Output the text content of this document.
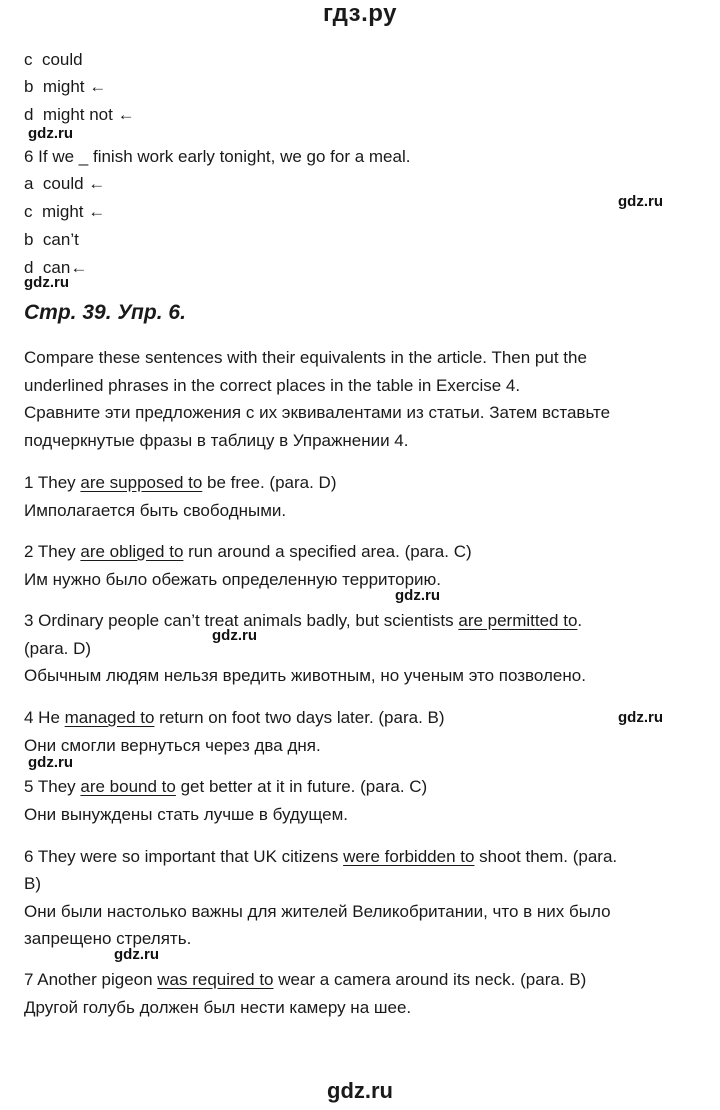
гдз.ру
c could
b might ←
d might not ←
gdz.ru
6 If we _ finish work early tonight, we go for a meal.
a could ←
gdz.ru
c might ←
b can’t
d can←
gdz.ru
Стр. 39. Упр. 6.
Compare these sentences with their equivalents in the article. Then put the
underlined phrases in the correct places in the table in Exercise 4.
Сравните эти предложения с их эквивалентами из статьи. Затем вставьте
подчеркнутые фразы в таблицу в Упражнении 4.
1 They are supposed to be free. (para. D)
Имполагается быть свободными.
2 They are obliged to run around a specified area. (para. C)
Им нужно было обежать определенную территорию.
gdz.ru
3 Ordinary people can’t treat animals badly, but scientists are permitted to.
gdz.ru
(para. D)
Обычным людям нельзя вредить животным, но ученым это позволено.
4 He managed to return on foot two days later. (para. B)	gdz.ru
Они смогли вернуться через два дня.
gdz.ru
5 They are bound to get better at it in future. (para. C)
Они вынуждены стать лучше в будущем.
6 They were so important that UK citizens were forbidden to shoot them. (para.
B)
Они были настолько важны для жителей Великобритании, что в них было
запрещено стрелять.
gdz.ru
7 Another pigeon was required to wear a camera around its neck. (para. B)
Другой голубь должен был нести камеру на шее.
gdz.ru
